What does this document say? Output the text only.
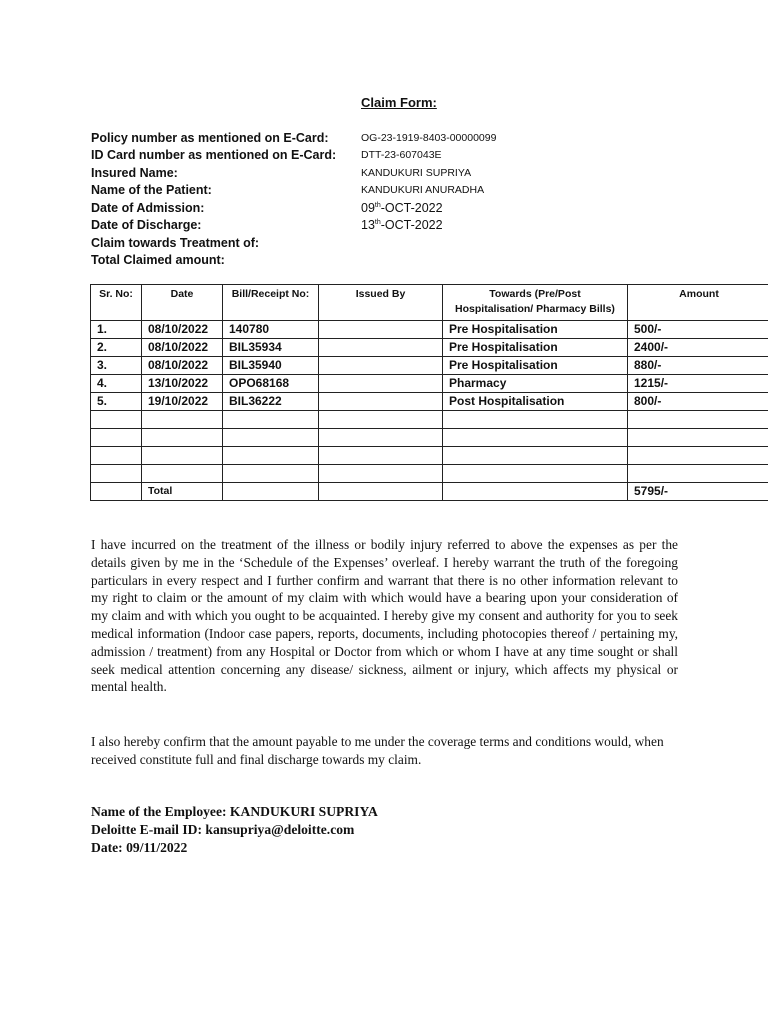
Claim Form:
Policy number as mentioned on E-Card:	OG-23-1919-8403-00000099
ID Card number as mentioned on E-Card:	DTT-23-607043E
Insured Name:	KANDUKURI SUPRIYA
Name of the Patient:	KANDUKURI ANURADHA
Date of Admission:	09th-OCT-2022
Date of Discharge:	13th-OCT-2022
Claim towards Treatment of:
Total Claimed amount:
Sr. No:	Date	Bill/Receipt No:	Issued By	Towards (Pre/Post Hospitalisation/ Pharmacy Bills)	Amount
1.	08/10/2022	140780		Pre Hospitalisation	500/-
2.	08/10/2022	BIL35934		Pre Hospitalisation	2400/-
3.	08/10/2022	BIL35940		Pre Hospitalisation	880/-
4.	13/10/2022	OPO68168		Pharmacy	1215/-
5.	19/10/2022	BIL36222		Post Hospitalisation	800/-

	Total				5795/-

I have incurred on the treatment of the illness or bodily injury referred to above the expenses as per the details given by me in the ‘Schedule of the Expenses’ overleaf. I hereby warrant the truth of the foregoing particulars in every respect and I further confirm and warrant that there is no other information relevant to my right to claim or the amount of my claim with which would have a bearing upon your consideration of my claim and with which you ought to be acquainted. I hereby give my consent and authority for you to seek medical information (Indoor case papers, reports, documents, including photocopies thereof / pertaining my, admission / treatment) from any Hospital or Doctor from which or whom I have at any time sought or shall seek medical attention concerning any disease/ sickness, ailment or injury, which affects my physical or mental health.

I also hereby confirm that the amount payable to me under the coverage terms and conditions would, when received constitute full and final discharge towards my claim.

Name of the Employee: KANDUKURI SUPRIYA
Deloitte E-mail ID: kansupriya@deloitte.com
Date: 09/11/2022
